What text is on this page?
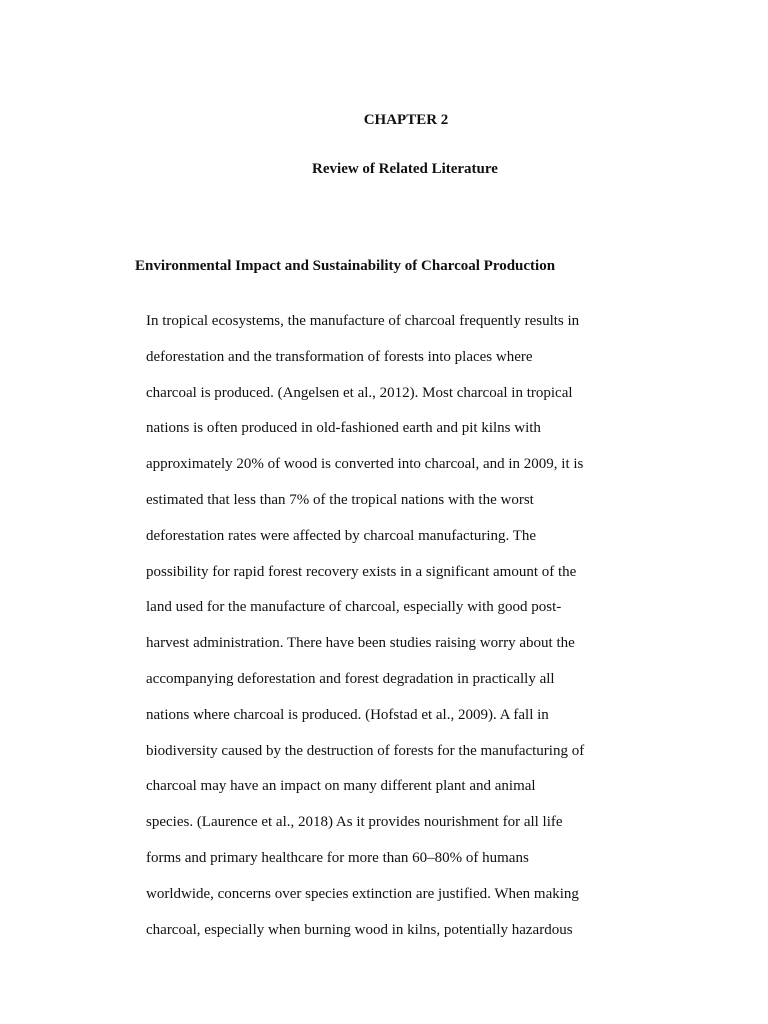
CHAPTER 2

Review of Related Literature

Environmental Impact and Sustainability of Charcoal Production

In tropical ecosystems, the manufacture of charcoal frequently results in
deforestation and the transformation of forests into places where
charcoal is produced. (Angelsen et al., 2012). Most charcoal in tropical
nations is often produced in old-fashioned earth and pit kilns with
approximately 20% of wood is converted into charcoal, and in 2009, it is
estimated that less than 7% of the tropical nations with the worst
deforestation rates were affected by charcoal manufacturing. The
possibility for rapid forest recovery exists in a significant amount of the
land used for the manufacture of charcoal, especially with good post-
harvest administration. There have been studies raising worry about the
accompanying deforestation and forest degradation in practically all
nations where charcoal is produced. (Hofstad et al., 2009). A fall in
biodiversity caused by the destruction of forests for the manufacturing of
charcoal may have an impact on many different plant and animal
species. (Laurence et al., 2018) As it provides nourishment for all life
forms and primary healthcare for more than 60–80% of humans
worldwide, concerns over species extinction are justified. When making
charcoal, especially when burning wood in kilns, potentially hazardous
